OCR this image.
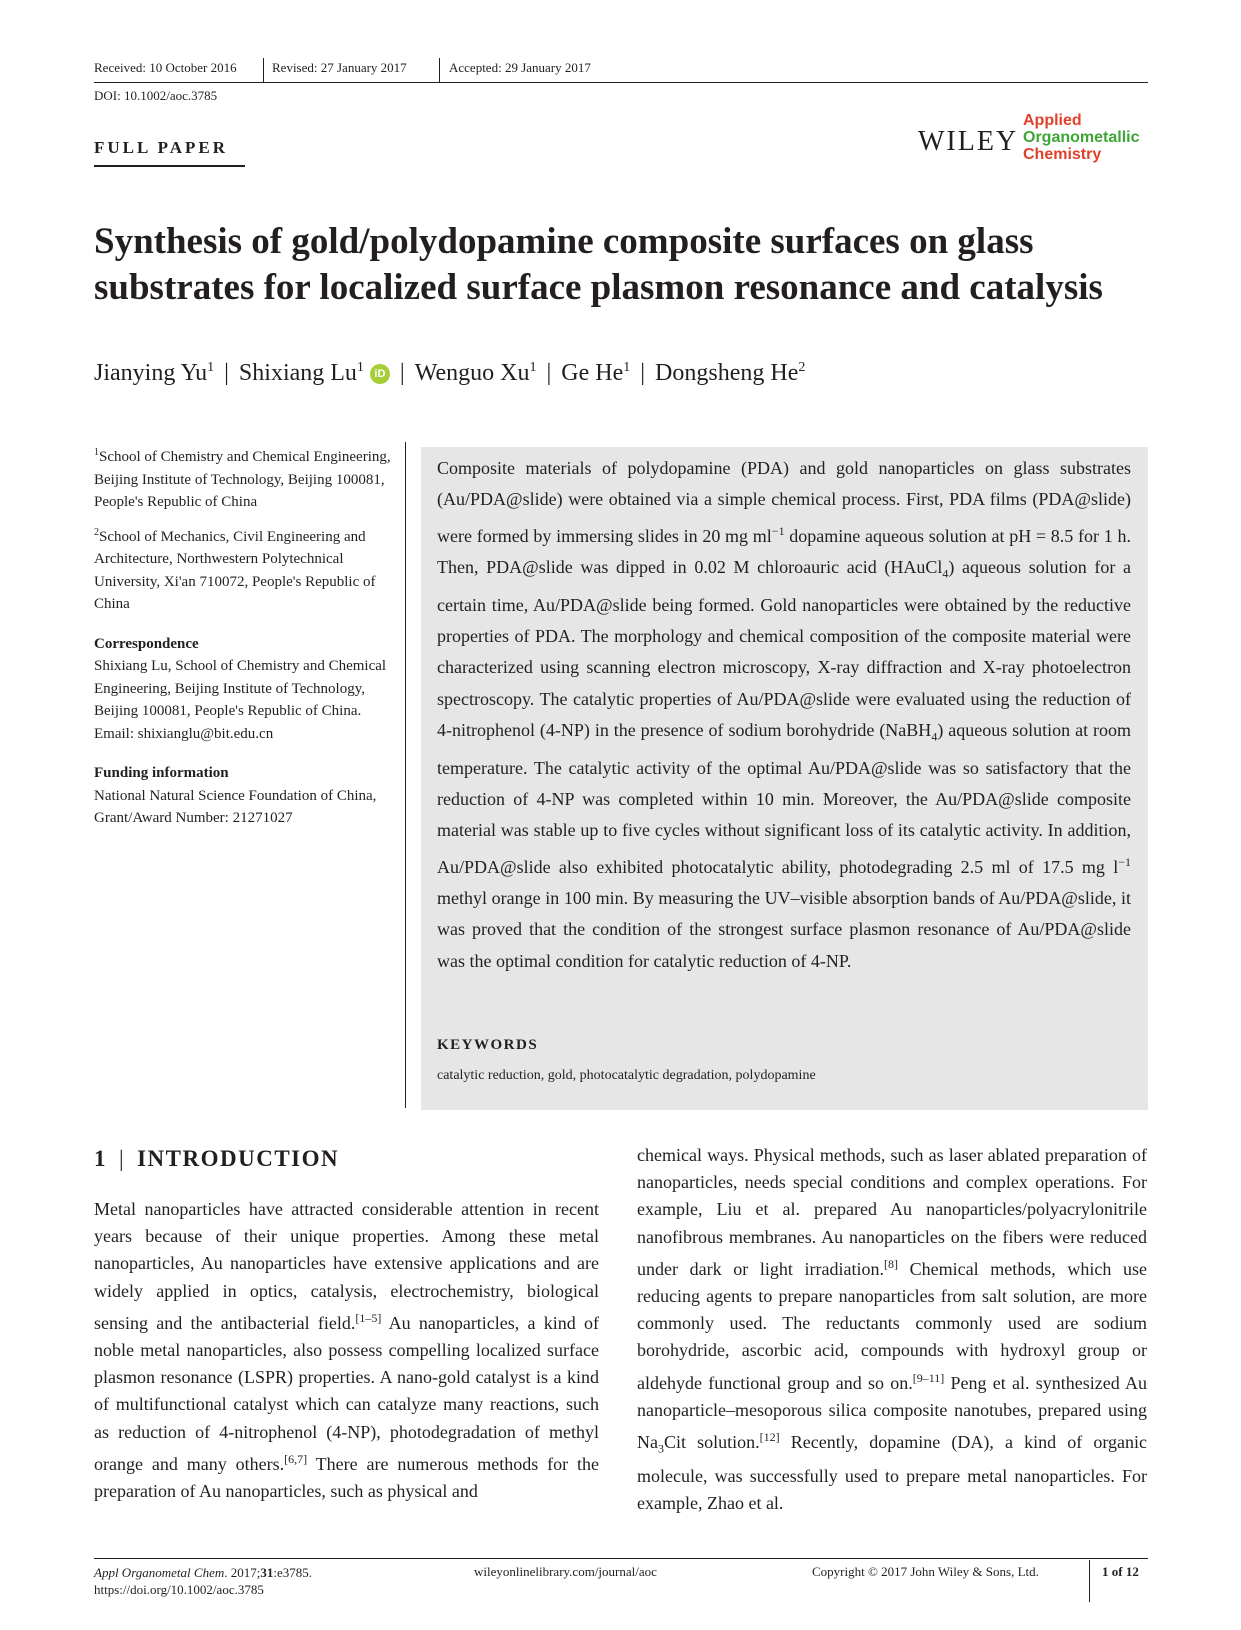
Received: 10 October 2016	Revised: 27 January 2017	Accepted: 29 January 2017
DOI: 10.1002/aoc.3785
FULL PAPER	WILEY
Applied
Organometallic
Chemistry
Synthesis of gold/polydopamine composite surfaces on glass substrates for localized surface plasmon resonance and catalysis
Jianying Yu$^1$ | Shixiang Lu$^1$ iD | Wenguo Xu$^1$ | Ge He$^1$ | Dongsheng He$^2$

$^1$School of Chemistry and Chemical Engineering, Beijing Institute of Technology, Beijing 100081, People's Republic of China

$^2$School of Mechanics, Civil Engineering and Architecture, Northwestern Polytechnical University, Xi'an 710072, People's Republic of China

Correspondence
Shixiang Lu, School of Chemistry and Chemical Engineering, Beijing Institute of Technology, Beijing 100081, People's Republic of China.
Email: shixianglu@bit.edu.cn
Funding information
National Natural Science Foundation of China, Grant/Award Number: 21271027
Composite materials of polydopamine (PDA) and gold nanoparticles on glass substrates (Au/PDA@slide) were obtained via a simple chemical process. First, PDA films (PDA@slide) were formed by immersing slides in 20 mg $ml^{-1}$ dopamine aqueous solution at pH = 8.5 for 1 h. Then, PDA@slide was dipped in 0.02 M chloroauric acid (HAuCl$_4$) aqueous solution for a certain time, Au/PDA@slide being formed. Gold nanoparticles were obtained by the reductive properties of PDA. The morphology and chemical composition of the composite material were characterized using scanning electron microscopy, X-ray diffraction and X-ray photoelectron spectroscopy. The catalytic properties of Au/PDA@slide were evaluated using the reduction of 4-nitrophenol (4-NP) in the presence of sodium borohydride (NaBH$_4$) aqueous solution at room temperature. The catalytic activity of the optimal Au/PDA@slide was so satisfactory that the reduction of 4-NP was completed within 10 min. Moreover, the Au/PDA@slide composite material was stable up to five cycles without significant loss of its catalytic activity. In addition, Au/PDA@slide also exhibited photocatalytic ability, photodegrading 2.5 ml of 17.5 mg $l^{-1}$ methyl orange in 100 min. By measuring the UV–visible absorption bands of Au/PDA@slide, it was proved that the condition of the strongest surface plasmon resonance of Au/PDA@slide was the optimal condition for catalytic reduction of 4-NP.
KEYWORDS
catalytic reduction, gold, photocatalytic degradation, polydopamine
1 | INTRODUCTION
Metal nanoparticles have attracted considerable attention in recent years because of their unique properties. Among these metal nanoparticles, Au nanoparticles have extensive applications and are widely applied in optics, catalysis, electrochemistry, biological sensing and the antibacterial field.[1–5] Au nanoparticles, a kind of noble metal nanoparticles, also possess compelling localized surface plasmon resonance (LSPR) properties. A nano-gold catalyst is a kind of multifunctional catalyst which can catalyze many reactions, such as reduction of 4-nitrophenol (4-NP), photodegradation of methyl orange and many others.[6,7] There are numerous methods for the preparation of Au nanoparticles, such as physical and
chemical ways. Physical methods, such as laser ablated preparation of nanoparticles, needs special conditions and complex operations. For example, Liu et al. prepared Au nanoparticles/polyacrylonitrile nanofibrous membranes. Au nanoparticles on the fibers were reduced under dark or light irradiation.[8] Chemical methods, which use reducing agents to prepare nanoparticles from salt solution, are more commonly used. The reductants commonly used are sodium borohydride, ascorbic acid, compounds with hydroxyl group or aldehyde functional group and so on.[9–11] Peng et al. synthesized Au nanoparticle–mesoporous silica composite nanotubes, prepared using $Na_3Cit$ solution.[12] Recently, dopamine (DA), a kind of organic molecule, was successfully used to prepare metal nanoparticles. For example, Zhao et al.
Appl Organometal Chem. 2017;31:e3785.
https://doi.org/10.1002/aoc.3785
wileyonlinelibrary.com/journal/aoc	Copyright © 2017 John Wiley & Sons, Ltd.	1 of 12
